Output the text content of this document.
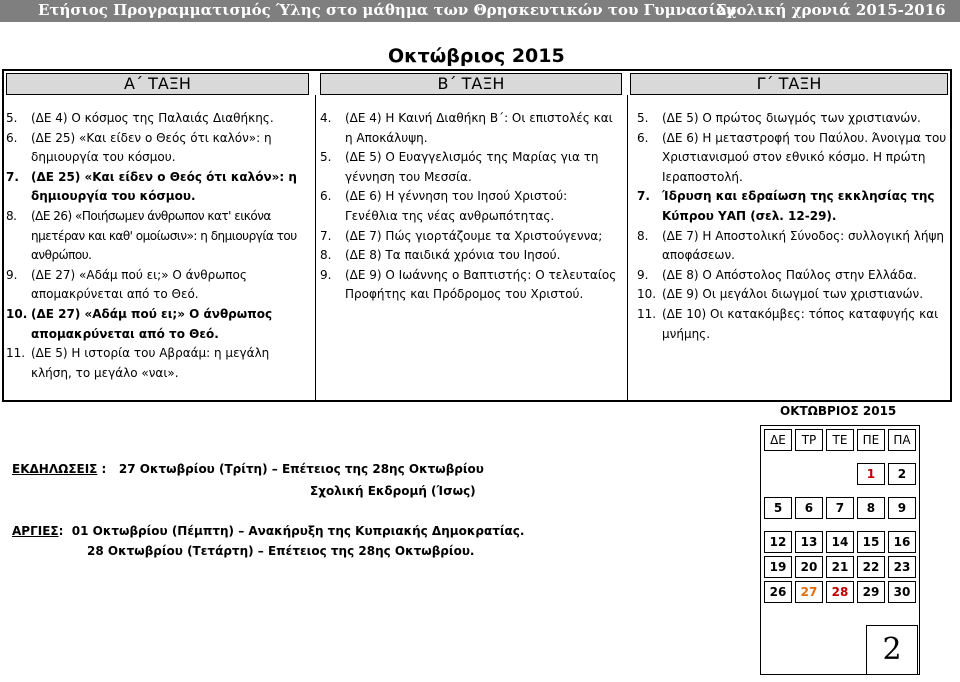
Ετήσιος Προγραμματισμός Ύλης στο μάθημα των Θρησκευτικών του Γυμνασίου
Σχολική χρονιά 2015-2016
Οκτώβριος 2015
Α΄ ΤΑΞΗ	Β΄ ΤΑΞΗ	Γ΄ ΤΑΞΗ
5. (ΔΕ 4) Ο κόσμος της Παλαιάς Διαθήκης.
6. (ΔΕ 25) «Και είδεν ο Θεός ότι καλόν»: η δημιουργία του κόσμου.
7. (ΔΕ 25) «Και είδεν ο Θεός ότι καλόν»: η δημιουργία του κόσμου.
8. (ΔΕ 26) «Ποιήσωμεν άνθρωπον κατ' εικόνα ημετέραν και καθ' ομοίωσιν»: η δημιουργία του ανθρώπου.
9. (ΔΕ 27) «Αδάμ πού ει;» Ο άνθρωπος απομακρύνεται από το Θεό.
10. (ΔΕ 27) «Αδάμ πού ει;» Ο άνθρωπος απομακρύνεται από το Θεό.
11. (ΔΕ 5) Η ιστορία του Αβραάμ: η μεγάλη κλήση, το μεγάλο «ναι».
4. (ΔΕ 4) Η Καινή Διαθήκη Β΄: Οι επιστολές και η Αποκάλυψη.
5. (ΔΕ 5) Ο Ευαγγελισμός της Μαρίας για τη γέννηση του Μεσσία.
6. (ΔΕ 6) Η γέννηση του Ιησού Χριστού: Γενέθλια της νέας ανθρωπότητας.
7. (ΔΕ 7) Πώς γιορτάζουμε τα Χριστούγεννα;
8. (ΔΕ 8) Τα παιδικά χρόνια του Ιησού.
9. (ΔΕ 9) Ο Ιωάννης ο Βαπτιστής: Ο τελευταίος Προφήτης και Πρόδρομος του Χριστού.
5. (ΔΕ 5) Ο πρώτος διωγμός των χριστιανών.
6. (ΔΕ 6) Η μεταστροφή του Παύλου. Άνοιγμα του Χριστιανισμού στον εθνικό κόσμο. Η πρώτη Ιεραποστολή.
7. Ίδρυση και εδραίωση της εκκλησίας της Κύπρου ΥΑΠ (σελ. 12-29).
8. (ΔΕ 7) Η Αποστολική Σύνοδος: συλλογική λήψη αποφάσεων.
9. (ΔΕ 8) Ο Απόστολος Παύλος στην Ελλάδα.
10. (ΔΕ 9) Οι μεγάλοι διωγμοί των χριστιανών.
11. (ΔΕ 10) Οι κατακόμβες: τόπος καταφυγής και μνήμης.
ΟΚΤΩΒΡΙΟΣ 2015
ΔΕ	ΤΡ	ΤΕ	ΠΕ	ΠΑ

			1	2

5	6	7	8	9

12	13	14	15	16
19	20	21	22	23
26	27	28	29	30
2
ΕΚΔΗΛΩΣΕΙΣ :   27 Οκτωβρίου (Τρίτη) – Επέτειος της 28ης Οκτωβρίου
Σχολική Εκδρομή (Ίσως)
ΑΡΓΙΕΣ:  01 Οκτωβρίου (Πέμπτη) – Ανακήρυξη της Κυπριακής Δημοκρατίας.
28 Οκτωβρίου (Τετάρτη) – Επέτειος της 28ης Οκτωβρίου.
